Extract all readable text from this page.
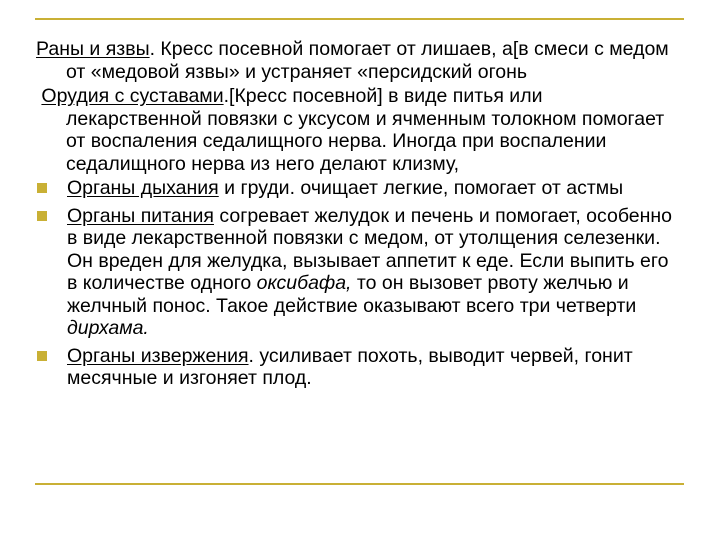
Раны и язвы. Кресс посевной помогает от лишаев, а[в смеси с медом от «медовой язвы» и устраняет «персидский огонь

Орудия с суставами.[Кресс посевной] в виде питья или лекарственной повязки с уксусом и ячменным толокном помогает от воспаления седалищного нерва. Иногда при воспалении седалищного нерва из него делают клизму,

Органы дыхания и груди. очищает легкие, помогает от астмы

Органы питания согревает желудок и печень и помогает, особенно в виде лекарственной повязки с медом, от утолщения селезенки. Он вреден для желудка, вызывает аппетит к еде. Если выпить его в количестве одного оксибафа, то он вызовет рвоту желчью и желчный понос. Такое действие оказывают всего три четверти дирхама.

Органы извержения. усиливает похоть, выводит червей, гонит месячные и изгоняет плод.
